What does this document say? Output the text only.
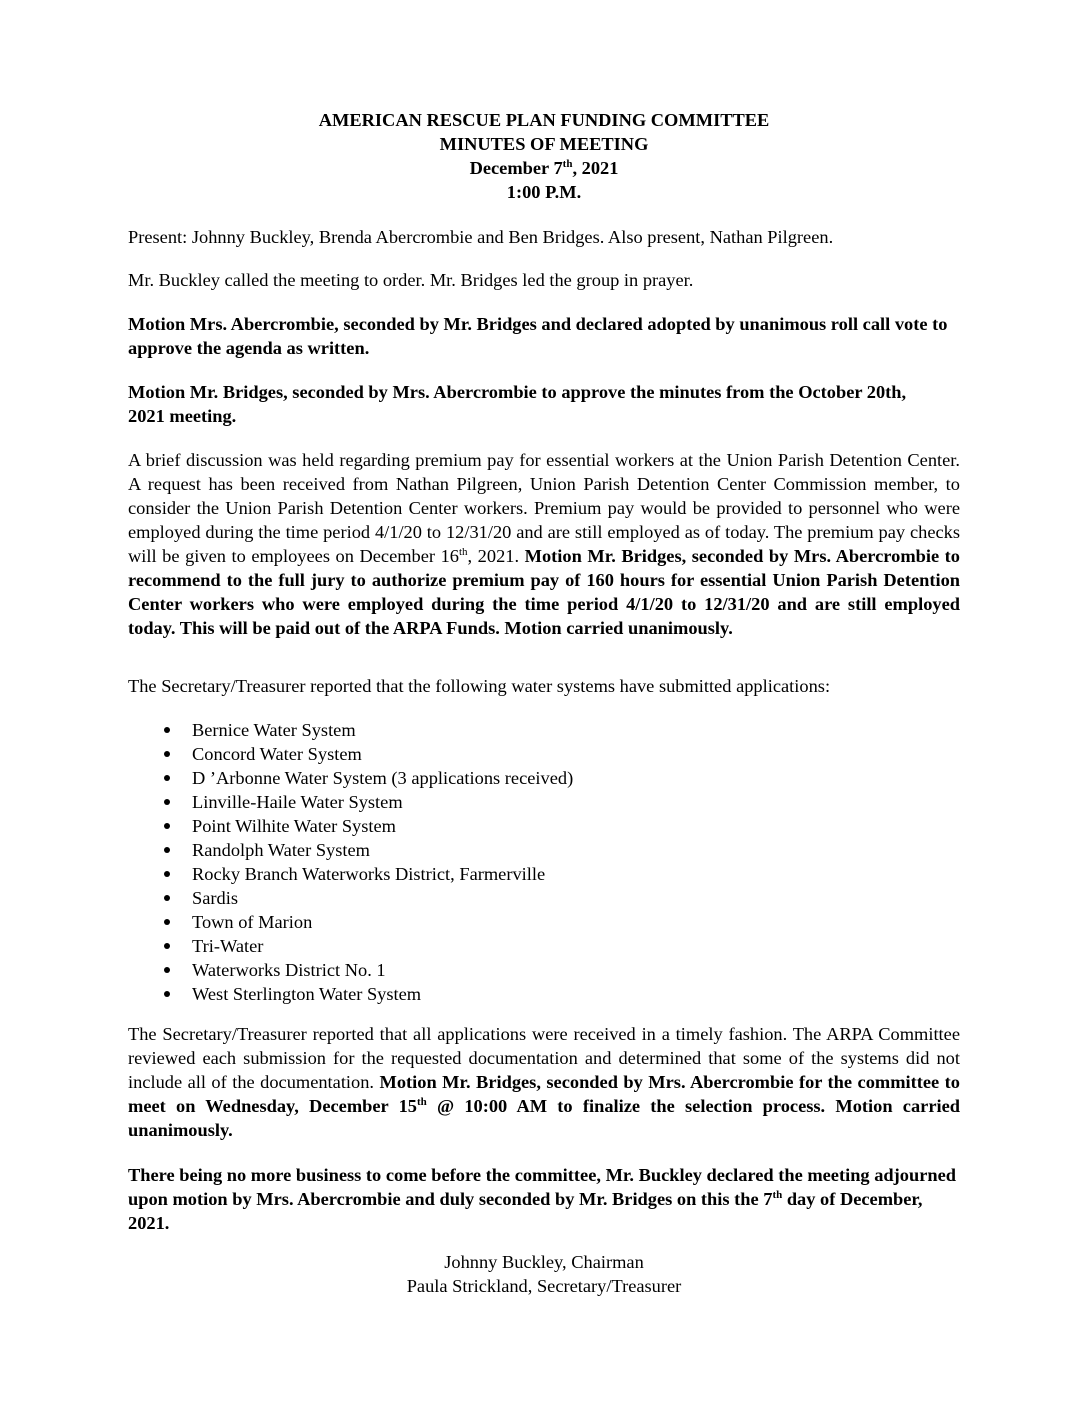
AMERICAN RESCUE PLAN FUNDING COMMITTEE
MINUTES OF MEETING
December 7th, 2021
1:00 P.M.

Present: Johnny Buckley, Brenda Abercrombie and Ben Bridges. Also present, Nathan Pilgreen.

Mr. Buckley called the meeting to order. Mr. Bridges led the group in prayer.

Motion Mrs. Abercrombie, seconded by Mr. Bridges and declared adopted by unanimous roll call vote to approve the agenda as written.

Motion Mr. Bridges, seconded by Mrs. Abercrombie to approve the minutes from the October 20th, 2021 meeting.

A brief discussion was held regarding premium pay for essential workers at the Union Parish Detention Center. A request has been received from Nathan Pilgreen, Union Parish Detention Center Commission member, to consider the Union Parish Detention Center workers. Premium pay would be provided to personnel who were employed during the time period 4/1/20 to 12/31/20 and are still employed as of today. The premium pay checks will be given to employees on December 16th, 2021. Motion Mr. Bridges, seconded by Mrs. Abercrombie to recommend to the full jury to authorize premium pay of 160 hours for essential Union Parish Detention Center workers who were employed during the time period 4/1/20 to 12/31/20 and are still employed today. This will be paid out of the ARPA Funds. Motion carried unanimously.

The Secretary/Treasurer reported that the following water systems have submitted applications:

Bernice Water System
Concord Water System
D ’Arbonne Water System (3 applications received)
Linville-Haile Water System
Point Wilhite Water System
Randolph Water System
Rocky Branch Waterworks District, Farmerville
Sardis
Town of Marion
Tri-Water
Waterworks District No. 1
West Sterlington Water System

The Secretary/Treasurer reported that all applications were received in a timely fashion. The ARPA Committee reviewed each submission for the requested documentation and determined that some of the systems did not include all of the documentation. Motion Mr. Bridges, seconded by Mrs. Abercrombie for the committee to meet on Wednesday, December 15th @ 10:00 AM to finalize the selection process. Motion carried unanimously.

There being no more business to come before the committee, Mr. Buckley declared the meeting adjourned upon motion by Mrs. Abercrombie and duly seconded by Mr. Bridges on this the 7th day of December, 2021.

Johnny Buckley, Chairman
Paula Strickland, Secretary/Treasurer
